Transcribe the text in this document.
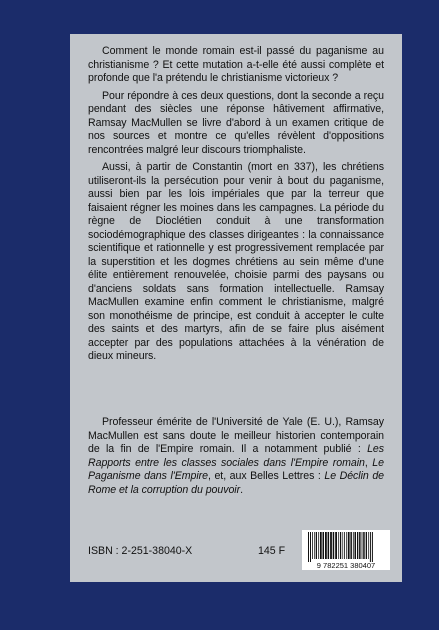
Comment le monde romain est-il passé du paganisme au christianisme ? Et cette mutation a-t-elle été aussi complète et profonde que l'a prétendu le christianisme victorieux ?

Pour répondre à ces deux questions, dont la seconde a reçu pendant des siècles une réponse hâtivement affirmative, Ramsay MacMullen se livre d'abord à un examen critique de nos sources et montre ce qu'elles révèlent d'oppositions rencontrées malgré leur discours triomphaliste.

Aussi, à partir de Constantin (mort en 337), les chrétiens utiliseront-ils la persécution pour venir à bout du paganisme, aussi bien par les lois impériales que par la terreur que faisaient régner les moines dans les campagnes. La période du règne de Dioclétien conduit à une transformation sociodémographique des classes dirigeantes : la connaissance scientifique et rationnelle y est progressivement remplacée par la superstition et les dogmes chrétiens au sein même d'une élite entièrement renouvelée, choisie parmi des paysans ou d'anciens soldats sans formation intellectuelle. Ramsay MacMullen examine enfin comment le christianisme, malgré son monothéisme de principe, est conduit à accepter le culte des saints et des martyrs, afin de se faire plus aisément accepter par des populations attachées à la vénération de dieux mineurs.

Professeur émérite de l'Université de Yale (E. U.), Ramsay MacMullen est sans doute le meilleur historien contemporain de la fin de l'Empire romain. Il a notamment publié : Les Rapports entre les classes sociales dans l'Empire romain, Le Paganisme dans l'Empire, et, aux Belles Lettres : Le Déclin de Rome et la corruption du pouvoir.

ISBN : 2-251-38040-X	145 F
9 782251 380407
